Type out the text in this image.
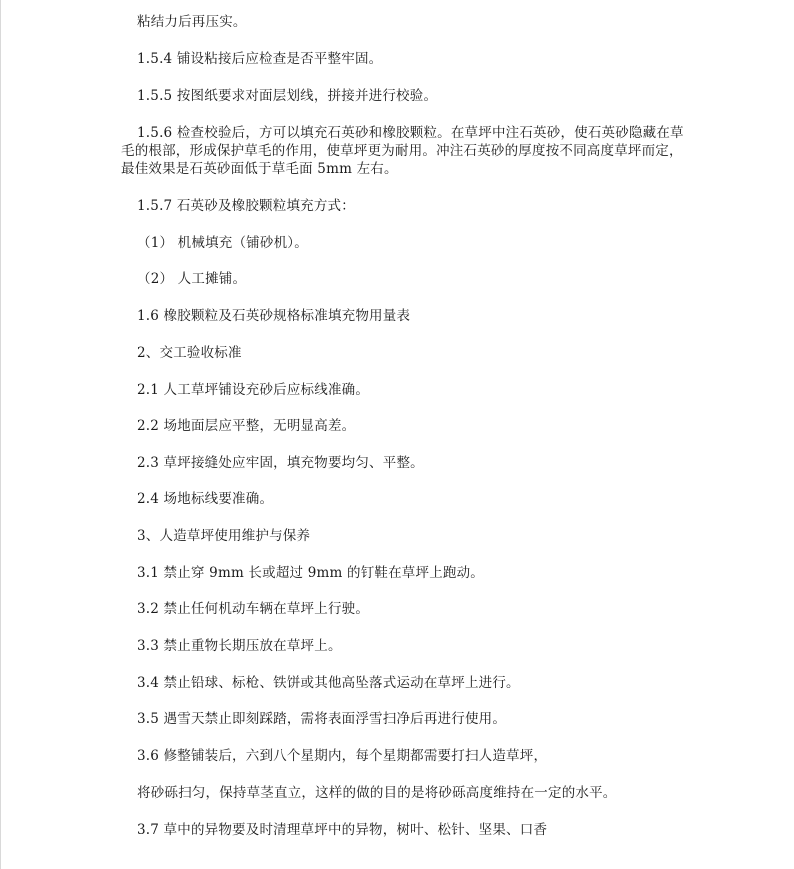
粘结力后再压实。
1.5.4 铺设粘接后应检查是否平整牢固。
1.5.5 按图纸要求对面层划线，拼接并进行校验。
1.5.6 检查校验后，方可以填充石英砂和橡胶颗粒。在草坪中注石英砂，使石英砂隐藏在草毛的根部，形成保护草毛的作用，使草坪更为耐用。冲注石英砂的厚度按不同高度草坪而定，最佳效果是石英砂面低于草毛面 5mm 左右。
1.5.7 石英砂及橡胶颗粒填充方式：
（1） 机械填充（铺砂机）。
（2） 人工摊铺。
1.6 橡胶颗粒及石英砂规格标准填充物用量表
2、交工验收标准
2.1 人工草坪铺设充砂后应标线准确。
2.2 场地面层应平整，无明显高差。
2.3 草坪接缝处应牢固，填充物要均匀、平整。
2.4 场地标线要准确。
3、人造草坪使用维护与保养
3.1 禁止穿 9mm 长或超过 9mm 的钉鞋在草坪上跑动。
3.2 禁止任何机动车辆在草坪上行驶。
3.3 禁止重物长期压放在草坪上。
3.4 禁止铅球、标枪、铁饼或其他高坠落式运动在草坪上进行。
3.5 遇雪天禁止即刻踩踏，需将表面浮雪扫净后再进行使用。
3.6 修整铺装后，六到八个星期内，每个星期都需要打扫人造草坪，
将砂砾扫匀，保持草茎直立，这样的做的目的是将砂砾高度维持在一定的水平。
3.7 草中的异物要及时清理草坪中的异物，树叶、松针、坚果、口香
